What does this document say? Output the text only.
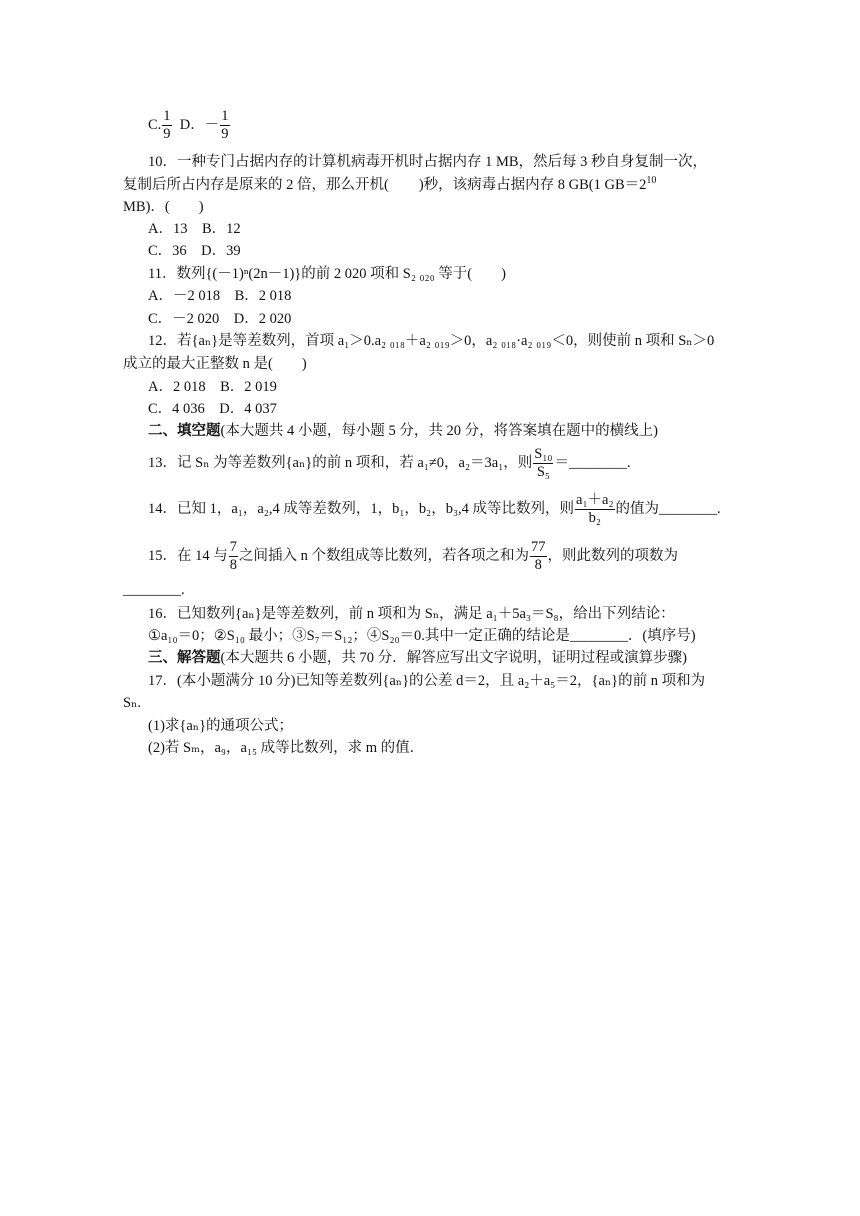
C. $\frac{1}{9}$ D．－ $\frac{1}{9}$
10．一种专门占据内存的计算机病毒开机时占据内存 1 MB，然后每 3 秒自身复制一次，
复制后所占内存是原来的 2 倍，那么开机( )秒，该病毒占据内存 8 GB(1 $GB=2^{10}$
MB)．(　　)
A．13　B．12
C．36　D．39
11．数列{(－1)ⁿ(2n－1)}的前 2 020 项和 S₂ ₀₂₀ 等于(　　)
A．－2 018　B．2 018
C．－2 020　D．2 020
12．若{aₙ}是等差数列，首项 a₁＞0.a₂ ₀₁₈＋a₂ ₀₁₉＞0，a₂ ₀₁₈·a₂ ₀₁₉＜0，则使前 n 项和 Sₙ＞0
成立的最大正整数 n 是(　　)
A．2 018　B．2 019
C．4 036　D．4 037
二、填空题(本大题共 4 小题，每小题 5 分，共 20 分，将答案填在题中的横线上)
13．记 Sₙ 为等差数列{aₙ}的前 n 项和，若 a₁≠0，a₂＝3a₁，则 $\frac{\text{S₁₀}}{\text{S₅}}$ ＝________.
14．已知 1，a₁，a₂,4 成等差数列，1，b₁，b₂，b₃,4 成等比数列，则 $\frac{\text{a₁＋a₂}}{\text{b₂}}$ 的值为________.
15．在 14 与 $\frac{7}{8}$ 之间插入 n 个数组成等比数列，若各项之和为 $\frac{77}{8}$ ，则此数列的项数为
________.
16．已知数列{aₙ}是等差数列，前 n 项和为 Sₙ，满足 a₁＋5a₃＝S₈，给出下列结论：
①a₁₀＝0；②S₁₀ 最小；③S₇＝S₁₂；④S₂₀＝0.其中一定正确的结论是________．(填序号)
三、解答题(本大题共 6 小题，共 70 分．解答应写出文字说明，证明过程或演算步骤)
17．(本小题满分 10 分)已知等差数列{aₙ}的公差 d＝2，且 a₂＋a₅＝2，{aₙ}的前 n 项和为
Sₙ.
(1)求{aₙ}的通项公式；
(2)若 Sₘ，a₉，a₁₅ 成等比数列，求 m 的值．
